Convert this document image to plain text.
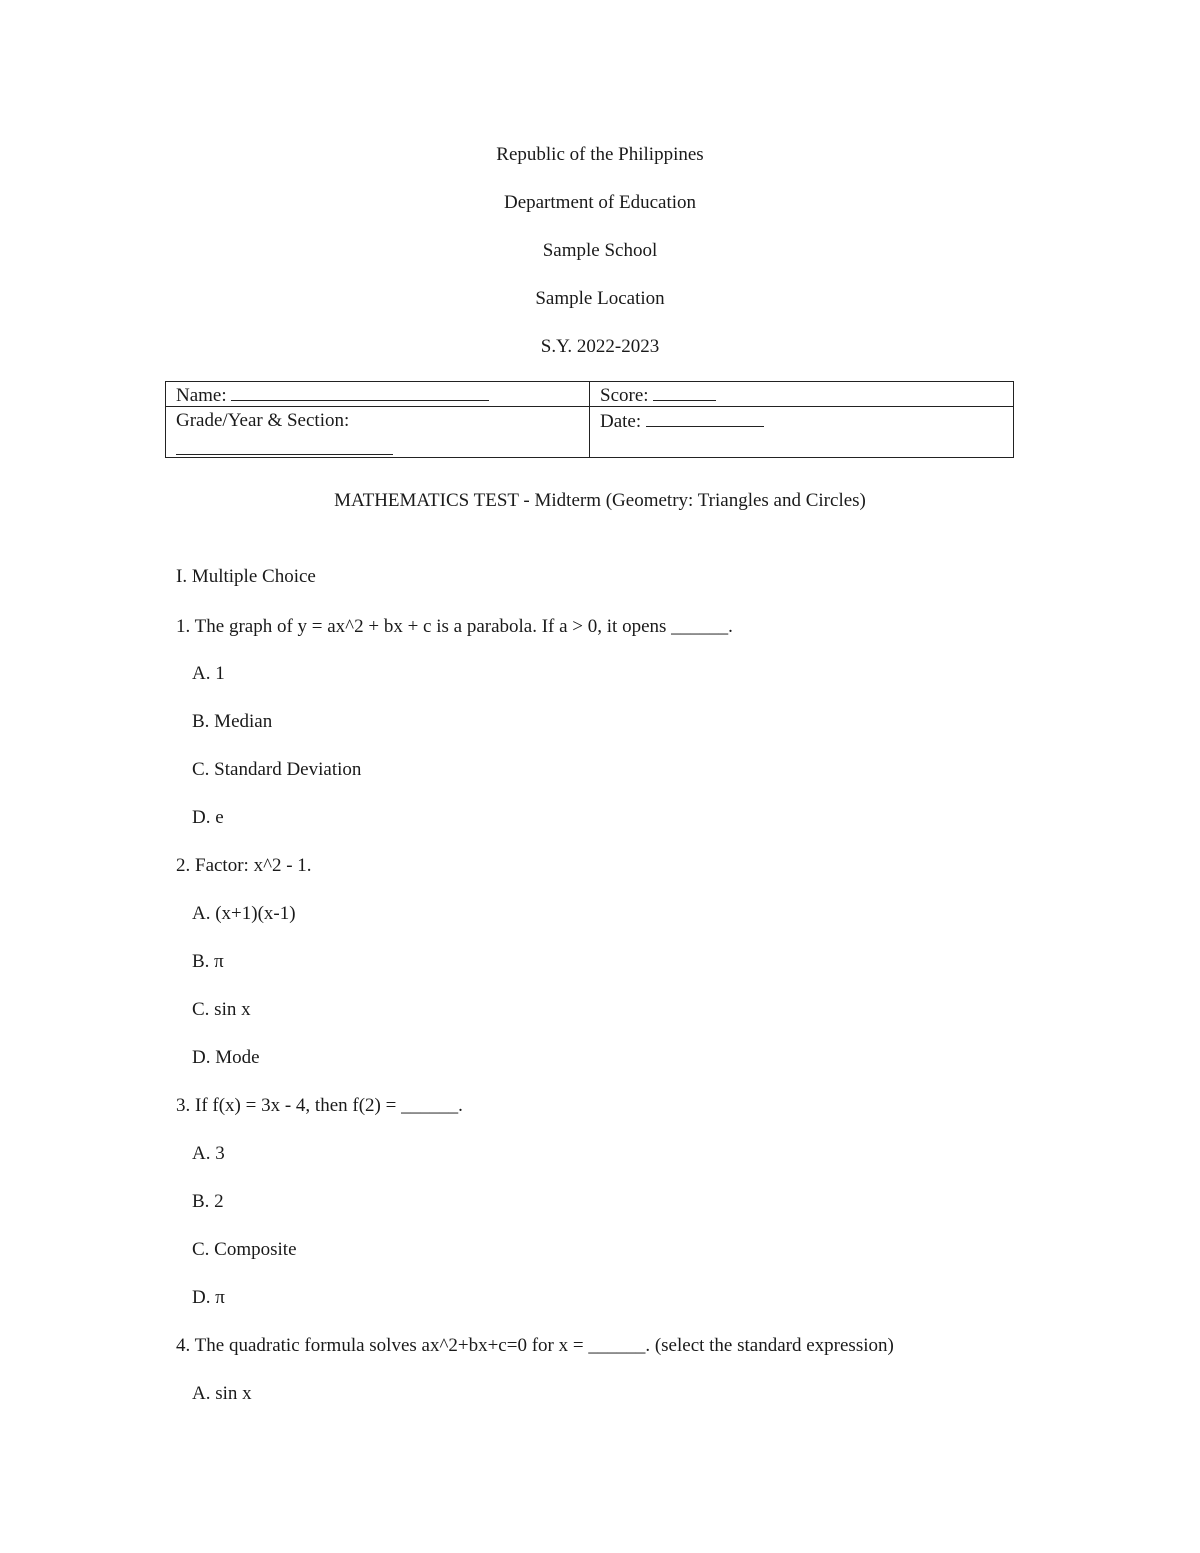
Republic of the Philippines
Department of Education
Sample School
Sample Location
S.Y. 2022-2023
Name:	Score:
Grade/Year & Section:	Date:
MATHEMATICS TEST - Midterm (Geometry: Triangles and Circles)
I. Multiple Choice
1. The graph of y = ax^2 + bx + c is a parabola. If a > 0, it opens ______.
A. 1
B. Median
C. Standard Deviation
D. e
2. Factor: x^2 - 1.
A. (x+1)(x-1)
B. π
C. sin x
D. Mode
3. If f(x) = 3x - 4, then f(2) = ______.
A. 3
B. 2
C. Composite
D. π
4. The quadratic formula solves ax^2+bx+c=0 for x = ______. (select the standard expression)
A. sin x
